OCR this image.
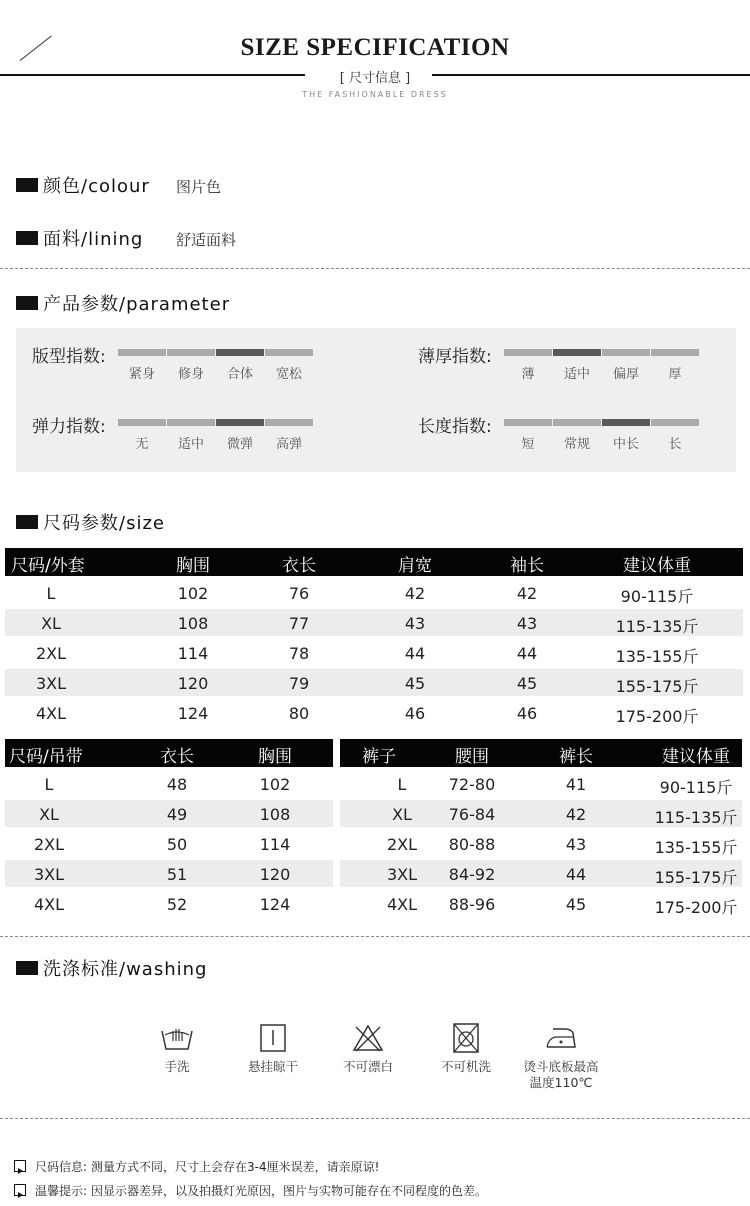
SIZE SPECIFICATION
[ 尺寸信息 ]
THE FASHIONABLE DRESS
颜色/colour 图片色
面料/lining 舒适面料
产品参数/parameter
版型指数:
紧身	修身	合体	宽松
薄厚指数:
薄	适中	偏厚	厚
弹力指数:
无	适中	微弹	高弹
长度指数:
短	常规	中长	长
尺码参数/size
尺码/外套	胸围	衣长	肩宽	袖长	建议体重
L	102	76	42	42	90-115斤
XL	108	77	43	43	115-135斤
2XL	114	78	44	44	135-155斤
3XL	120	79	45	45	155-175斤
4XL	124	80	46	46	175-200斤
尺码/吊带	衣长	胸围
L	48	102
XL	49	108
2XL	50	114
3XL	51	120
4XL	52	124
裤子	腰围	裤长	建议体重
L	72-80	41	90-115斤
XL 76-84	42	115-135斤
2XL 80-88	43	135-155斤
3XL 84-92	44	155-175斤
4XL 88-96	45	175-200斤
洗涤标准/washing
手洗	悬挂晾干	不可漂白	不可机洗	烫斗底板最高
温度110℃
尺码信息: 测量方式不同，尺寸上会存在3-4厘米误差，请亲原谅!
温馨提示: 因显示器差异，以及拍摄灯光原因，图片与实物可能存在不同程度的色差。
